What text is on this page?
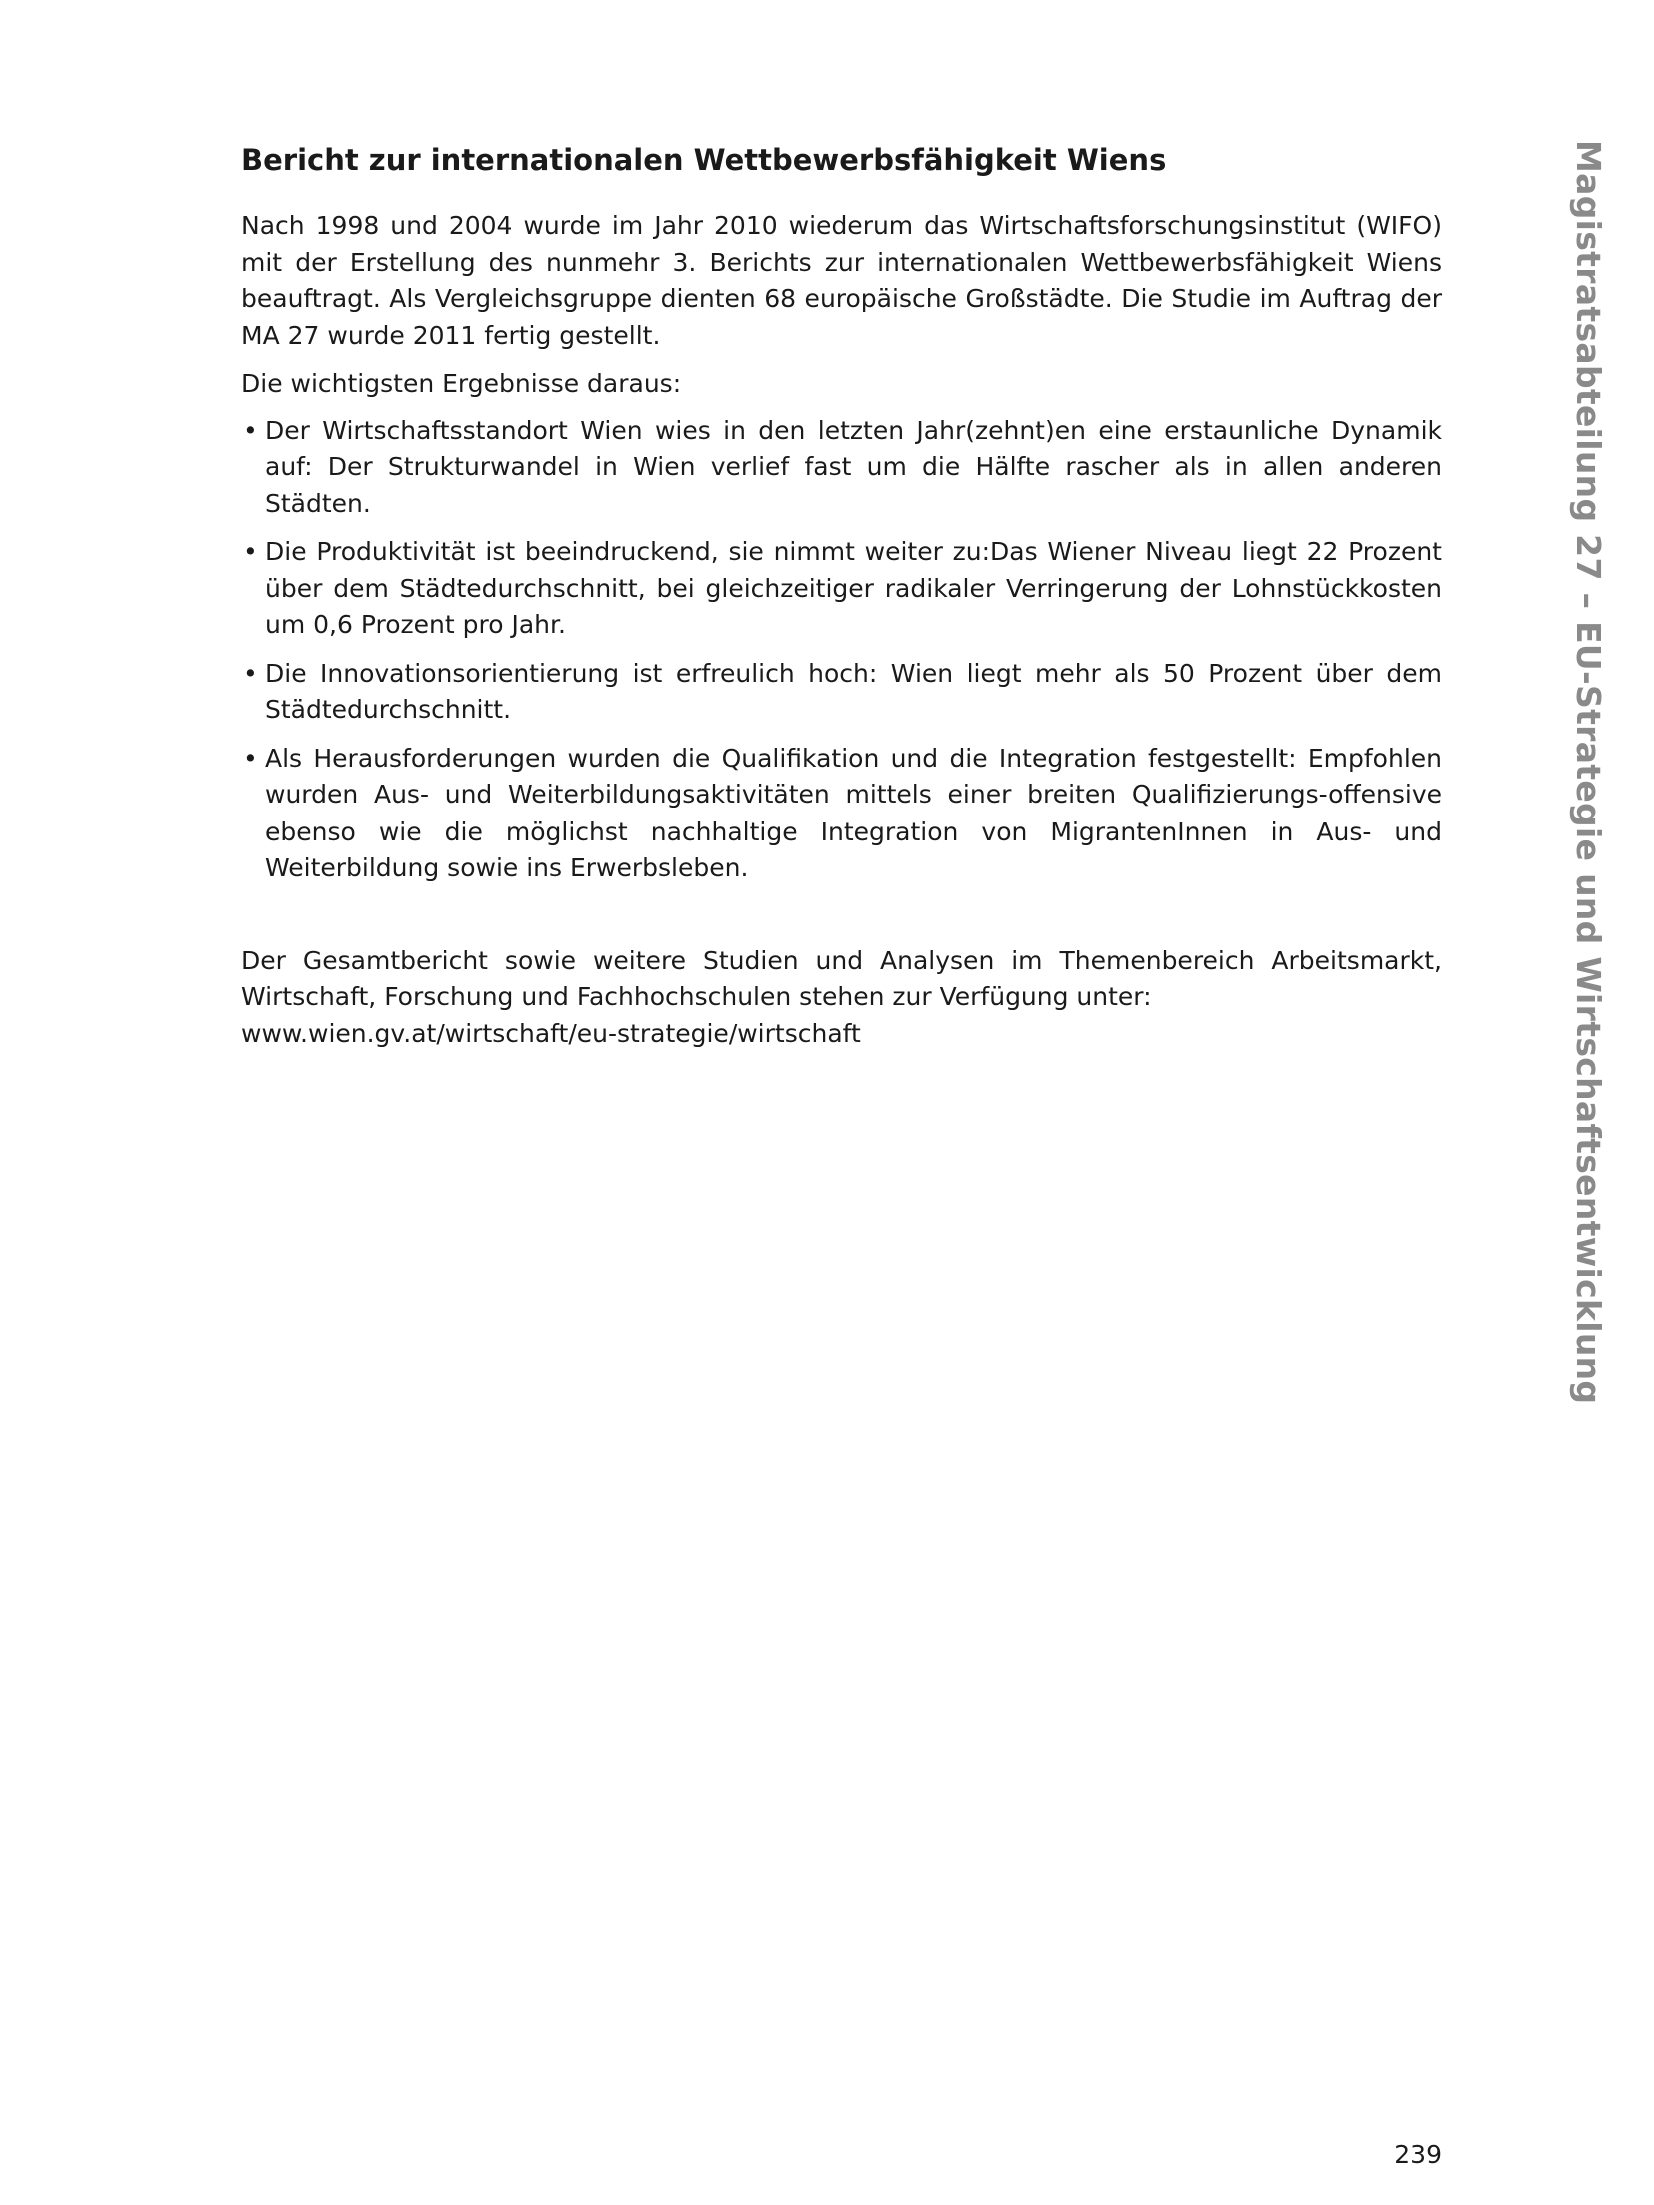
Bericht zur internationalen Wettbewerbsfähigkeit Wiens

Nach 1998 und 2004 wurde im Jahr 2010 wiederum das Wirtschaftsforschungsinstitut (WIFO) mit der Erstellung des nunmehr 3. Berichts zur internationalen Wettbewerbsfähigkeit Wiens beauftragt. Als Vergleichsgruppe dienten 68 europäische Großstädte. Die Studie im Auftrag der MA 27 wurde 2011 fertig gestellt.

Die wichtigsten Ergebnisse daraus:

• Der Wirtschaftsstandort Wien wies in den letzten Jahr(zehnt)en eine erstaunliche Dynamik auf: Der Strukturwandel in Wien verlief fast um die Hälfte rascher als in allen anderen Städten.
• Die Produktivität ist beeindruckend, sie nimmt weiter zu:Das Wiener Niveau liegt 22 Prozent über dem Städtedurchschnitt, bei gleichzeitiger radikaler Verringerung der Lohnstückkosten um 0,6 Prozent pro Jahr.
• Die Innovationsorientierung ist erfreulich hoch: Wien liegt mehr als 50 Prozent über dem Städtedurchschnitt.
• Als Herausforderungen wurden die Qualifikation und die Integration festgestellt: Empfohlen wurden Aus- und Weiterbildungsaktivitäten mittels einer breiten Qualifizierungs-offensive ebenso wie die möglichst nachhaltige Integration von MigrantenInnen in Aus- und Weiterbildung sowie ins Erwerbsleben.

Der Gesamtbericht sowie weitere Studien und Analysen im Themenbereich Arbeitsmarkt, Wirtschaft, Forschung und Fachhochschulen stehen zur Verfügung unter:

www.wien.gv.at/wirtschaft/eu-strategie/wirtschaft	Magistratsabteilung 27 – EU-Strategie und Wirtschaftsentwicklung
239
